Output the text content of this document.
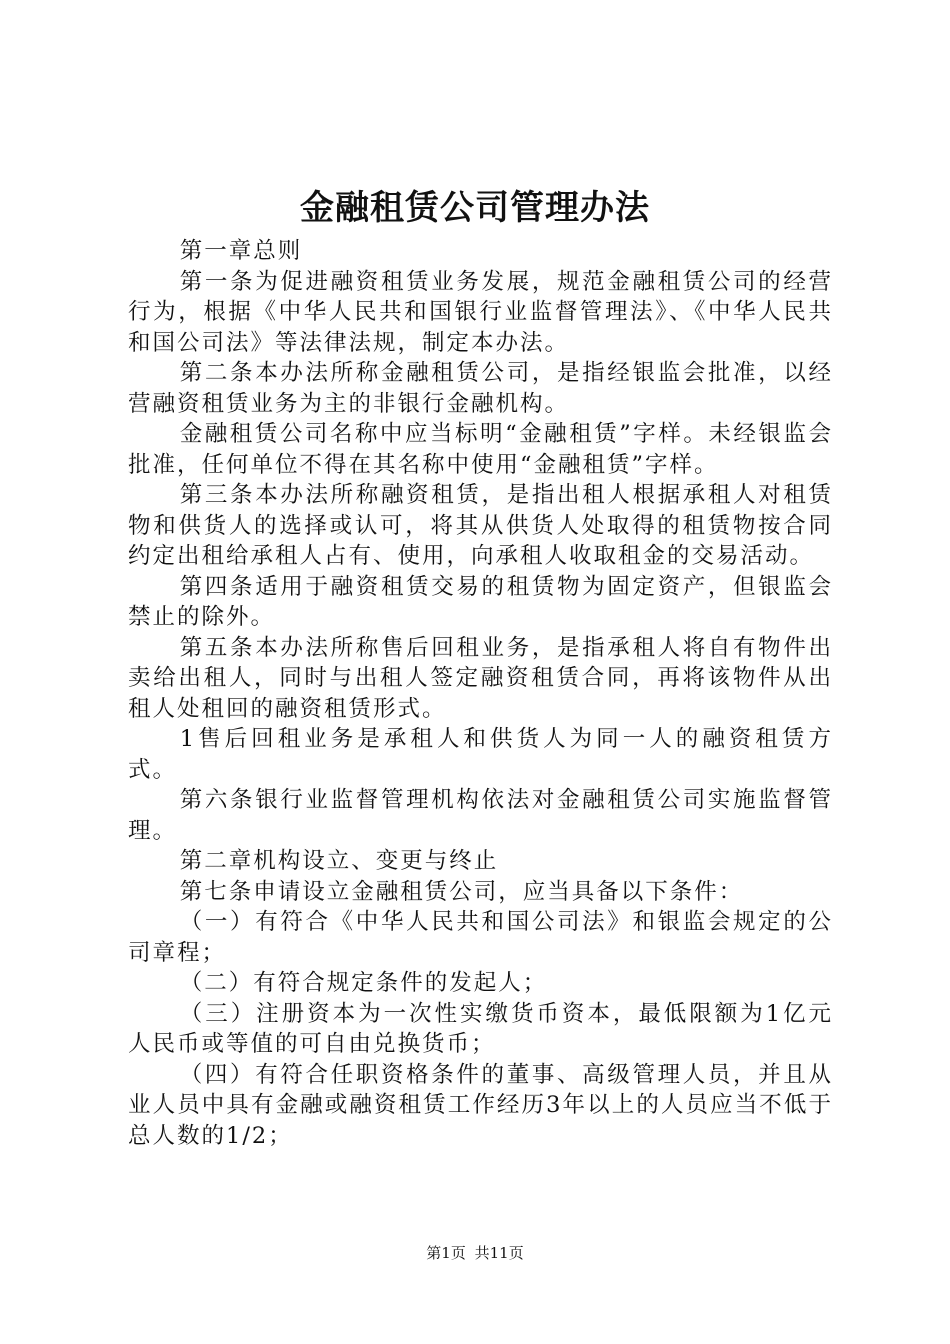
金融租赁公司管理办法

第一章总则

第一条为促进融资租赁业务发展，规范金融租赁公司的经营行为，根据《中华人民共和国银行业监督管理法》、《中华人民共和国公司法》等法律法规，制定本办法。

第二条本办法所称金融租赁公司，是指经银监会批准，以经营融资租赁业务为主的非银行金融机构。

金融租赁公司名称中应当标明“金融租赁”字样。未经银监会批准，任何单位不得在其名称中使用“金融租赁”字样。

第三条本办法所称融资租赁，是指出租人根据承租人对租赁物和供货人的选择或认可，将其从供货人处取得的租赁物按合同约定出租给承租人占有、使用，向承租人收取租金的交易活动。

第四条适用于融资租赁交易的租赁物为固定资产，但银监会禁止的除外。

第五条本办法所称售后回租业务，是指承租人将自有物件出卖给出租人，同时与出租人签定融资租赁合同，再将该物件从出租人处租回的融资租赁形式。

1售后回租业务是承租人和供货人为同一人的融资租赁方式。

第六条银行业监督管理机构依法对金融租赁公司实施监督管理。

第二章机构设立、变更与终止

第七条申请设立金融租赁公司，应当具备以下条件：

（一）有符合《中华人民共和国公司法》和银监会规定的公司章程；

（二）有符合规定条件的发起人；

（三）注册资本为一次性实缴货币资本，最低限额为1亿元人民币或等值的可自由兑换货币；

（四）有符合任职资格条件的董事、高级管理人员，并且从业人员中具有金融或融资租赁工作经历3年以上的人员应当不低于总人数的1/2；

第1页 共11页
